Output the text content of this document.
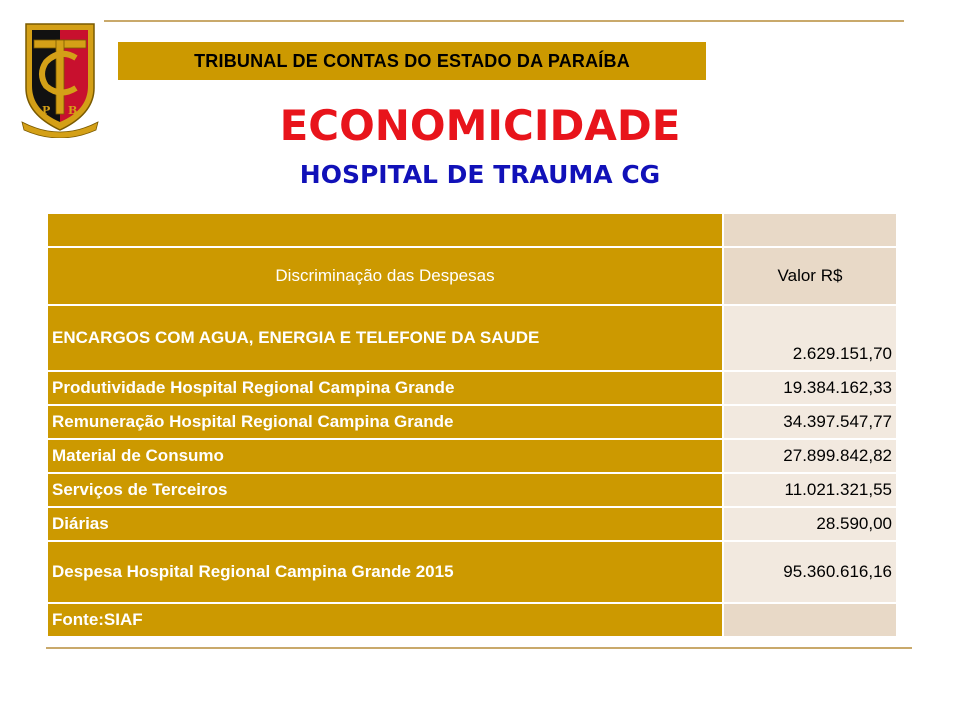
P B
TRIBUNAL DE CONTAS DO ESTADO DA PARAÍBA
ECONOMICIDADE
HOSPITAL DE TRAUMA CG

Discriminação das Despesas	Valor R$
ENCARGOS COM AGUA, ENERGIA E TELEFONE DA SAUDE	2.629.151,70
Produtividade Hospital Regional Campina Grande	19.384.162,33
Remuneração Hospital Regional Campina Grande	34.397.547,77
Material de Consumo	27.899.842,82
Serviços de Terceiros	11.021.321,55
Diárias	28.590,00
Despesa Hospital Regional Campina Grande 2015	95.360.616,16
Fonte:SIAF	
